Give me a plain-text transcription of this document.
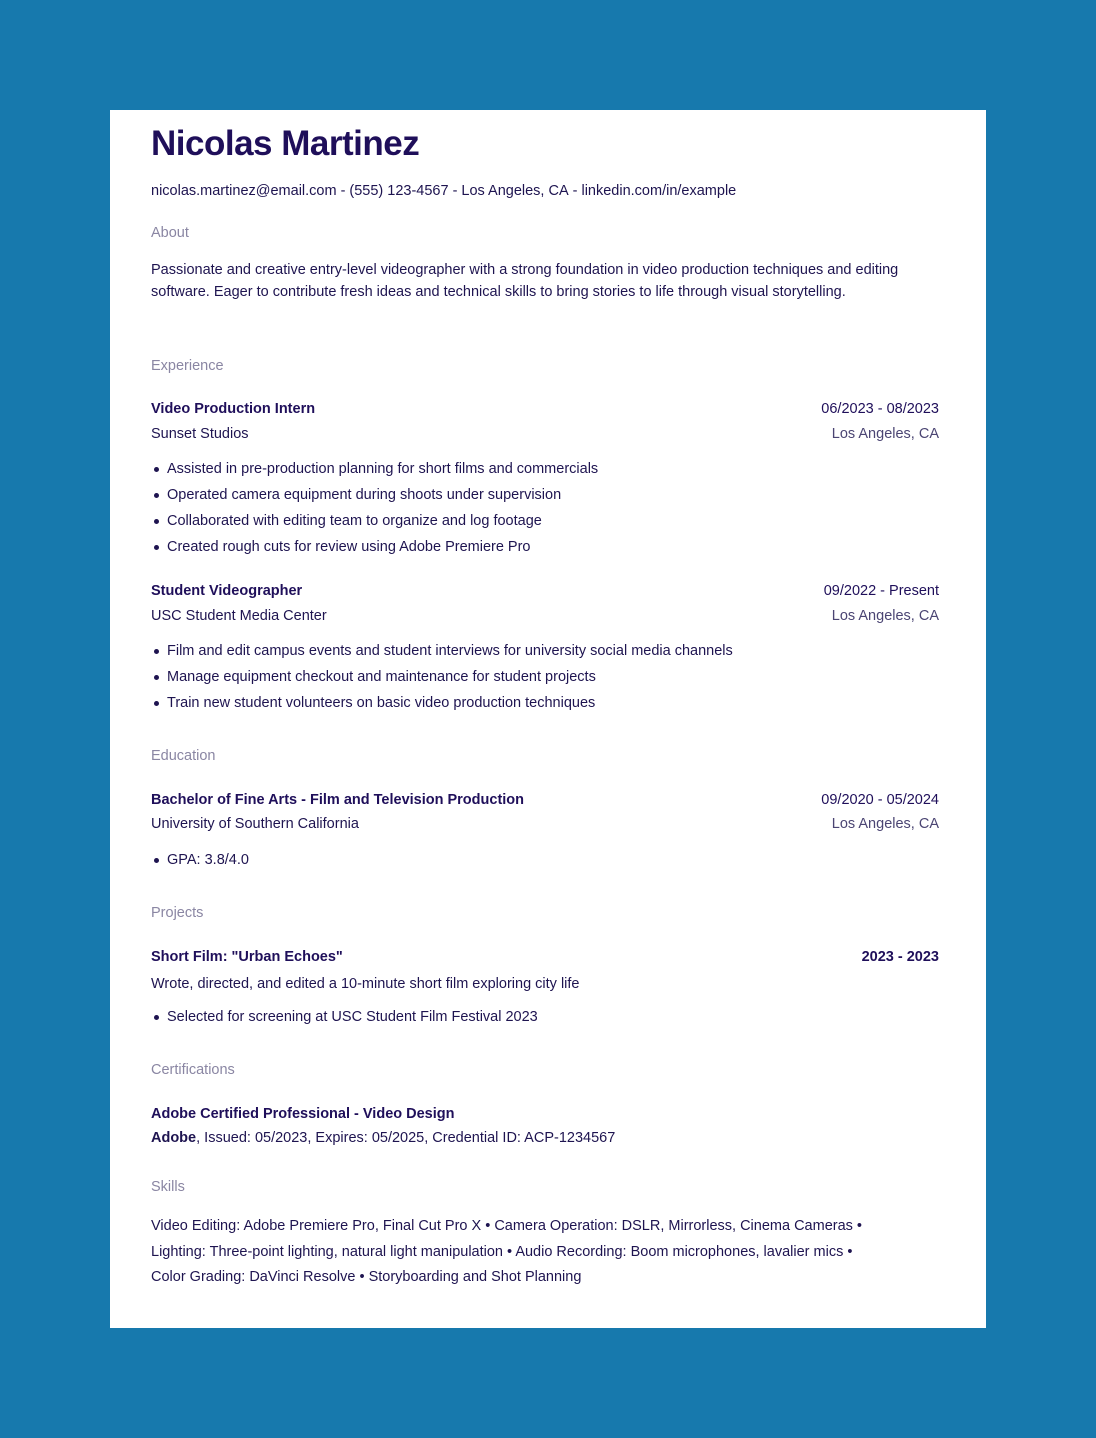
Nicolas Martinez
nicolas.martinez@email.com - (555) 123-4567 - Los Angeles, CA - linkedin.com/in/example
About
Passionate and creative entry-level videographer with a strong foundation in video production techniques and editing software. Eager to contribute fresh ideas and technical skills to bring stories to life through visual storytelling.
Experience
Video Production Intern	06/2023 - 08/2023
Sunset Studios	Los Angeles, CA
Assisted in pre-production planning for short films and commercials
Operated camera equipment during shoots under supervision
Collaborated with editing team to organize and log footage
Created rough cuts for review using Adobe Premiere Pro
Student Videographer	09/2022 - Present
USC Student Media Center	Los Angeles, CA
Film and edit campus events and student interviews for university social media channels
Manage equipment checkout and maintenance for student projects
Train new student volunteers on basic video production techniques
Education
Bachelor of Fine Arts - Film and Television Production	09/2020 - 05/2024
University of Southern California	Los Angeles, CA
GPA: 3.8/4.0
Projects
Short Film: "Urban Echoes"	2023 - 2023
Wrote, directed, and edited a 10-minute short film exploring city life
Selected for screening at USC Student Film Festival 2023
Certifications
Adobe Certified Professional - Video Design
Adobe, Issued: 05/2023, Expires: 05/2025, Credential ID: ACP-1234567
Skills
Video Editing: Adobe Premiere Pro, Final Cut Pro X • Camera Operation: DSLR, Mirrorless, Cinema Cameras •
Lighting: Three-point lighting, natural light manipulation • Audio Recording: Boom microphones, lavalier mics •
Color Grading: DaVinci Resolve • Storyboarding and Shot Planning
